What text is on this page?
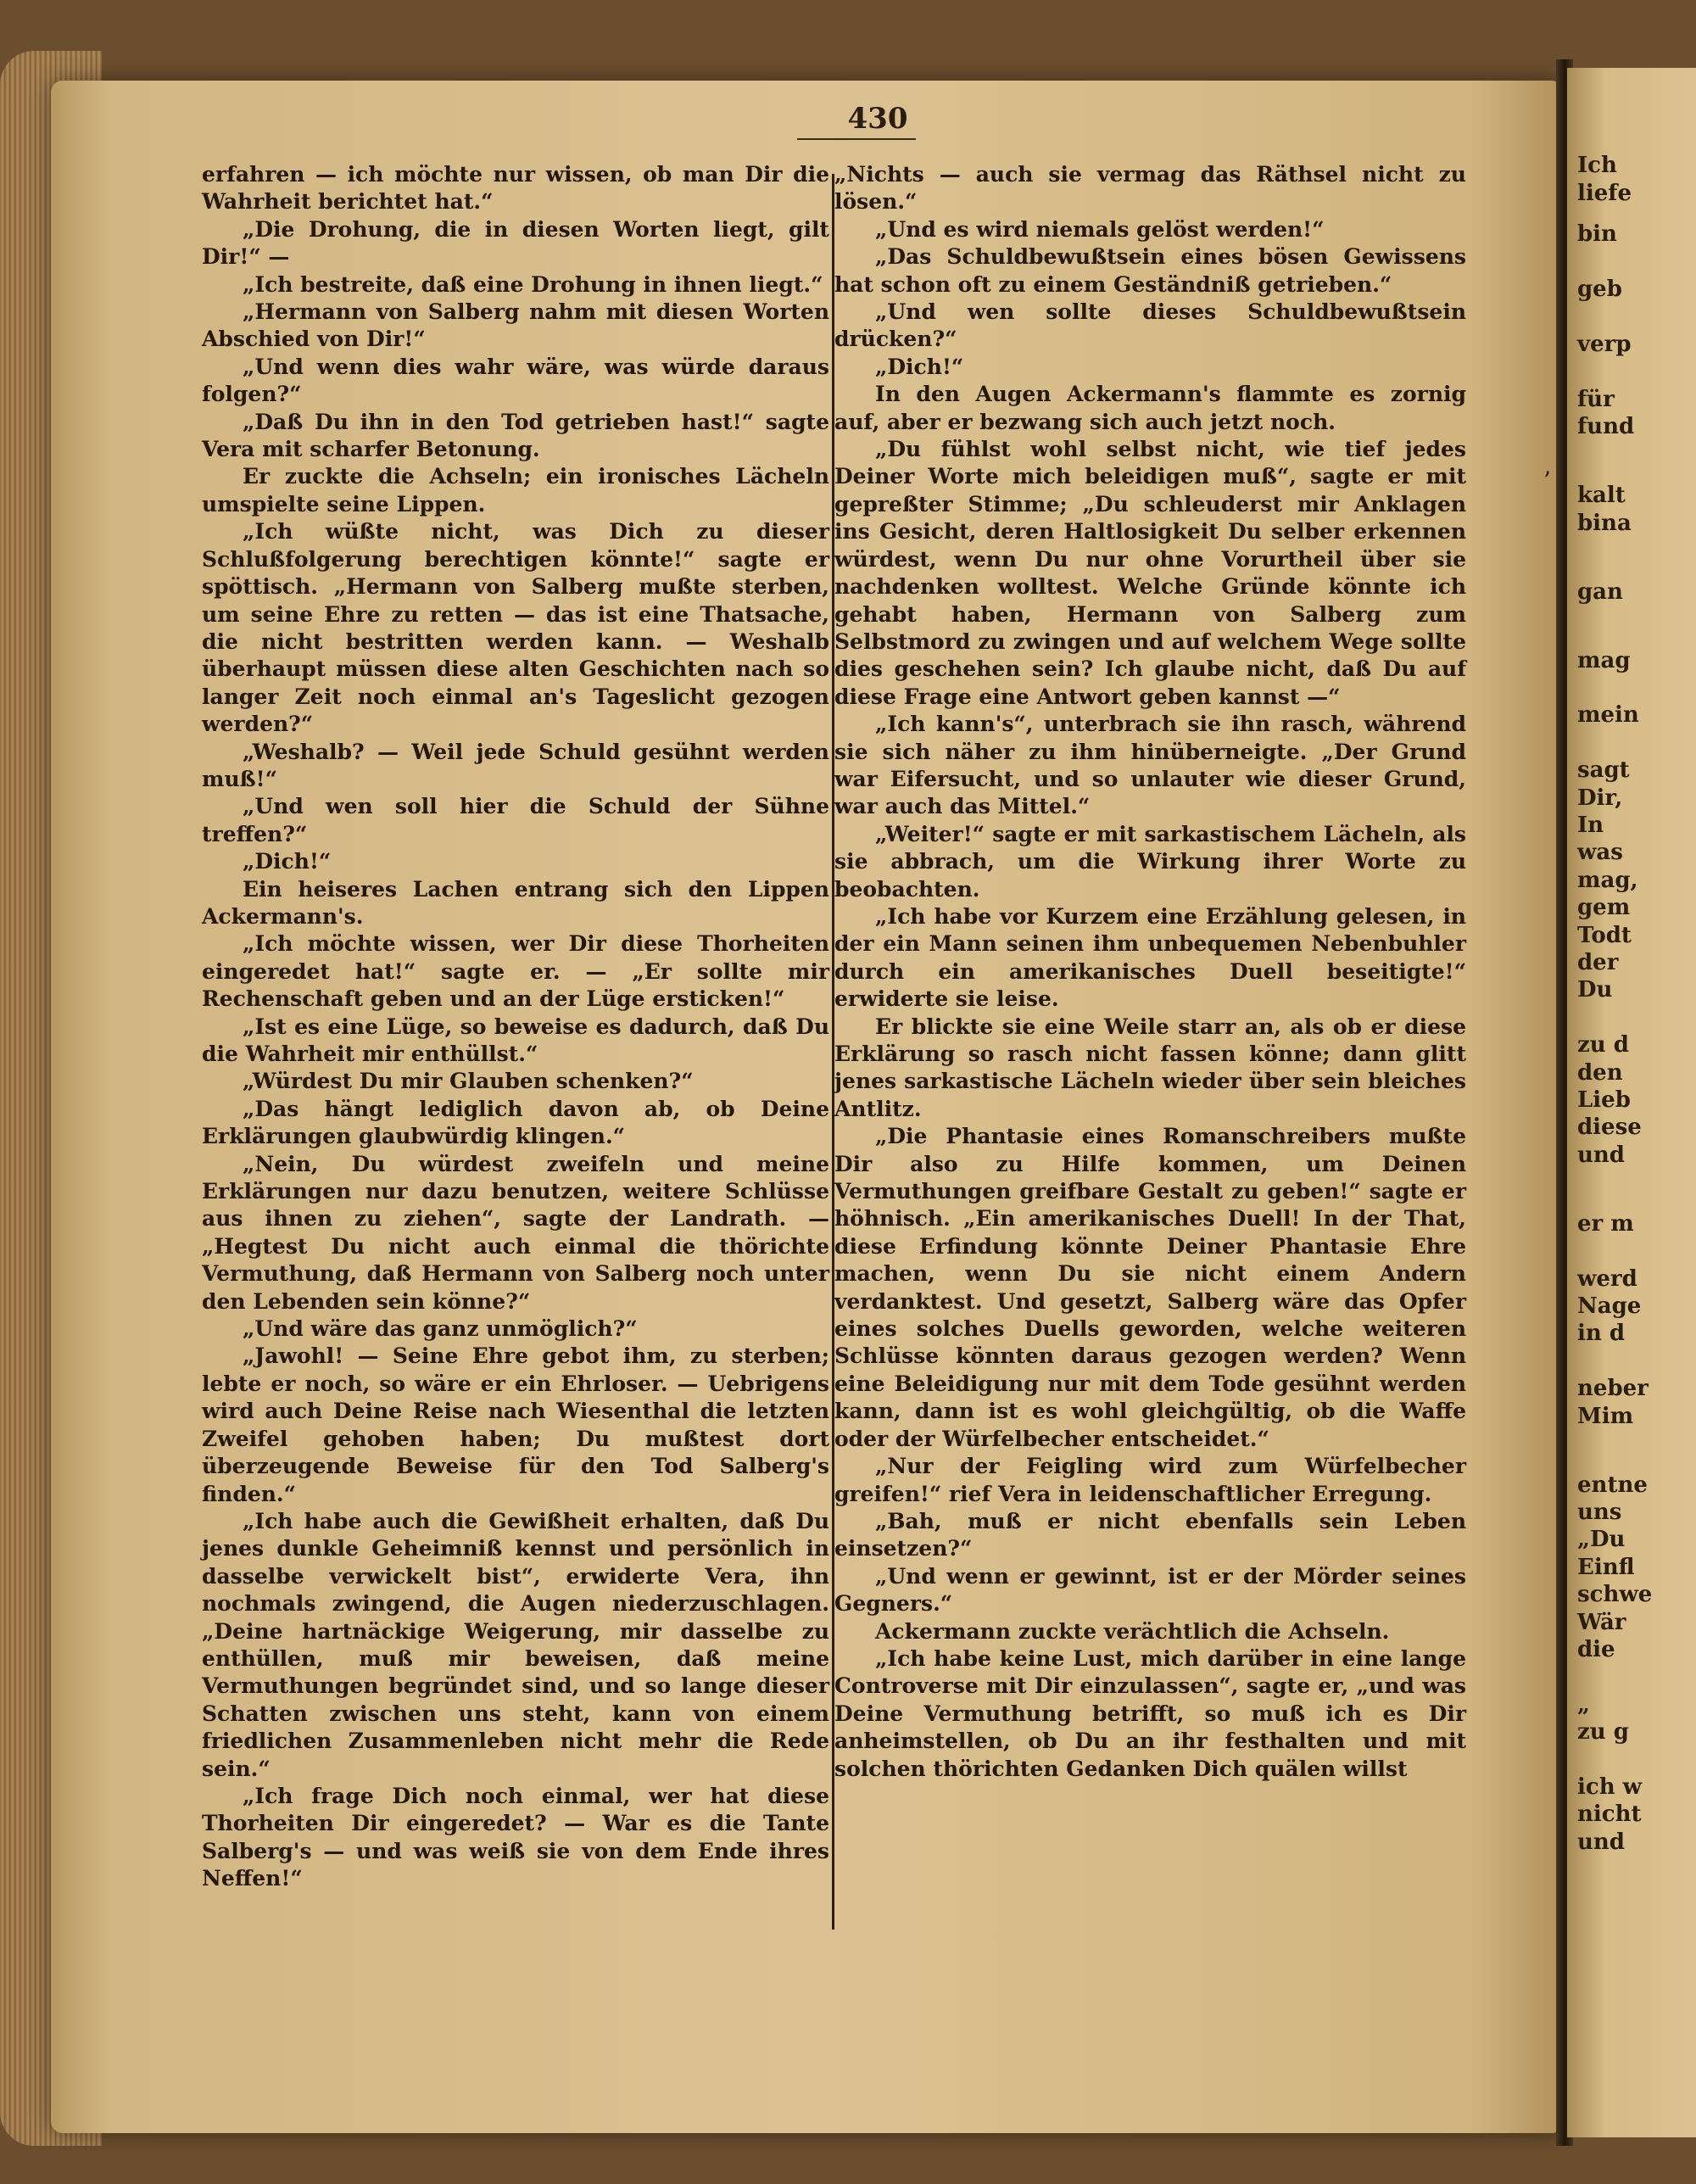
Ich
liefe
bin
geb
verp
für
fund
kalt
bina
gan
mag
mein
sagt
Dir,
In
was
mag,
gem
Todt
der
Du
zu d
den
Lieb
diese
und
er m
werd
Nage
in d
neber
Mim
entne
uns
„Du
Einfl
schwe
Wär
die
„
zu g
ich w
nicht
und
430

erfahren — ich möchte nur wissen, ob man Dir die Wahrheit berichtet hat.“

„Die Drohung, die in diesen Worten liegt, gilt Dir!“ —

„Ich bestreite, daß eine Drohung in ihnen liegt.“

„Hermann von Salberg nahm mit diesen Worten Abschied von Dir!“

„Und wenn dies wahr wäre, was würde daraus folgen?“

„Daß Du ihn in den Tod getrieben hast!“ sagte Vera mit scharfer Betonung.

Er zuckte die Achseln; ein ironisches Lächeln umspielte seine Lippen.

„Ich wüßte nicht, was Dich zu dieser Schlußfolgerung berechtigen könnte!“ sagte er spöttisch. „Hermann von Salberg mußte sterben, um seine Ehre zu retten — das ist eine Thatsache, die nicht bestritten werden kann. — Weshalb überhaupt müssen diese alten Geschichten nach so langer Zeit noch einmal an's Tageslicht gezogen werden?“

„Weshalb? — Weil jede Schuld gesühnt werden muß!“

„Und wen soll hier die Schuld der Sühne treffen?“

„Dich!“

Ein heiseres Lachen entrang sich den Lippen Ackermann's.

„Ich möchte wissen, wer Dir diese Thorheiten eingeredet hat!“ sagte er. — „Er sollte mir Rechenschaft geben und an der Lüge ersticken!“

„Ist es eine Lüge, so beweise es dadurch, daß Du die Wahrheit mir enthüllst.“

„Würdest Du mir Glauben schenken?“

„Das hängt lediglich davon ab, ob Deine Erklärungen glaubwürdig klingen.“

„Nein, Du würdest zweifeln und meine Erklärungen nur dazu benutzen, weitere Schlüsse aus ihnen zu ziehen“, sagte der Landrath. — „Hegtest Du nicht auch einmal die thörichte Vermuthung, daß Hermann von Salberg noch unter den Lebenden sein könne?“

„Und wäre das ganz unmöglich?“

„Jawohl! — Seine Ehre gebot ihm, zu sterben; lebte er noch, so wäre er ein Ehrloser. — Uebrigens wird auch Deine Reise nach Wiesenthal die letzten Zweifel gehoben haben; Du mußtest dort überzeugende Beweise für den Tod Salberg's finden.“

„Ich habe auch die Gewißheit erhalten, daß Du jenes dunkle Geheimniß kennst und persönlich in dasselbe verwickelt bist“, erwiderte Vera, ihn nochmals zwingend, die Augen niederzuschlagen. „Deine hartnäckige Weigerung, mir dasselbe zu enthüllen, muß mir beweisen, daß meine Vermuthungen begründet sind, und so lange dieser Schatten zwischen uns steht, kann von einem friedlichen Zusammenleben nicht mehr die Rede sein.“

„Ich frage Dich noch einmal, wer hat diese Thorheiten Dir eingeredet? — War es die Tante Salberg's — und was weiß sie von dem Ende ihres Neffen!“

„Nichts — auch sie vermag das Räthsel nicht zu lösen.“

„Und es wird niemals gelöst werden!“

„Das Schuldbewußtsein eines bösen Gewissens hat schon oft zu einem Geständniß getrieben.“

„Und wen sollte dieses Schuldbewußtsein drücken?“

„Dich!“

In den Augen Ackermann's flammte es zornig auf, aber er bezwang sich auch jetzt noch.

„Du fühlst wohl selbst nicht, wie tief jedes Deiner Worte mich beleidigen muß“, sagte er mit gepreßter Stimme; „Du schleuderst mir Anklagen ins Gesicht, deren Haltlosigkeit Du selber erkennen würdest, wenn Du nur ohne Vorurtheil über sie nachdenken wolltest. Welche Gründe könnte ich gehabt haben, Hermann von Salberg zum Selbstmord zu zwingen und auf welchem Wege sollte dies geschehen sein? Ich glaube nicht, daß Du auf diese Frage eine Antwort geben kannst —“

„Ich kann's“, unterbrach sie ihn rasch, während sie sich näher zu ihm hinüberneigte. „Der Grund war Eifersucht, und so unlauter wie dieser Grund, war auch das Mittel.“

„Weiter!“ sagte er mit sarkastischem Lächeln, als sie abbrach, um die Wirkung ihrer Worte zu beobachten.

„Ich habe vor Kurzem eine Erzählung gelesen, in der ein Mann seinen ihm unbequemen Nebenbuhler durch ein amerikanisches Duell beseitigte!“ erwiderte sie leise.

Er blickte sie eine Weile starr an, als ob er diese Erklärung so rasch nicht fassen könne; dann glitt jenes sarkastische Lächeln wieder über sein bleiches Antlitz.

„Die Phantasie eines Romanschreibers mußte Dir also zu Hilfe kommen, um Deinen Vermuthungen greifbare Gestalt zu geben!“ sagte er höhnisch. „Ein amerikanisches Duell! In der That, diese Erfindung könnte Deiner Phantasie Ehre machen, wenn Du sie nicht einem Andern verdanktest. Und gesetzt, Salberg wäre das Opfer eines solches Duells geworden, welche weiteren Schlüsse könnten daraus gezogen werden? Wenn eine Beleidigung nur mit dem Tode gesühnt werden kann, dann ist es wohl gleichgültig, ob die Waffe oder der Würfelbecher entscheidet.“

„Nur der Feigling wird zum Würfelbecher greifen!“ rief Vera in leidenschaftlicher Erregung.

„Bah, muß er nicht ebenfalls sein Leben einsetzen?“

„Und wenn er gewinnt, ist er der Mörder seines Gegners.“

Ackermann zuckte verächtlich die Achseln.

„Ich habe keine Lust, mich darüber in eine lange Controverse mit Dir einzulassen“, sagte er, „und was Deine Vermuthung betrifft, so muß ich es Dir anheimstellen, ob Du an ihr festhalten und mit solchen thörichten Gedanken Dich quälen willst

’
